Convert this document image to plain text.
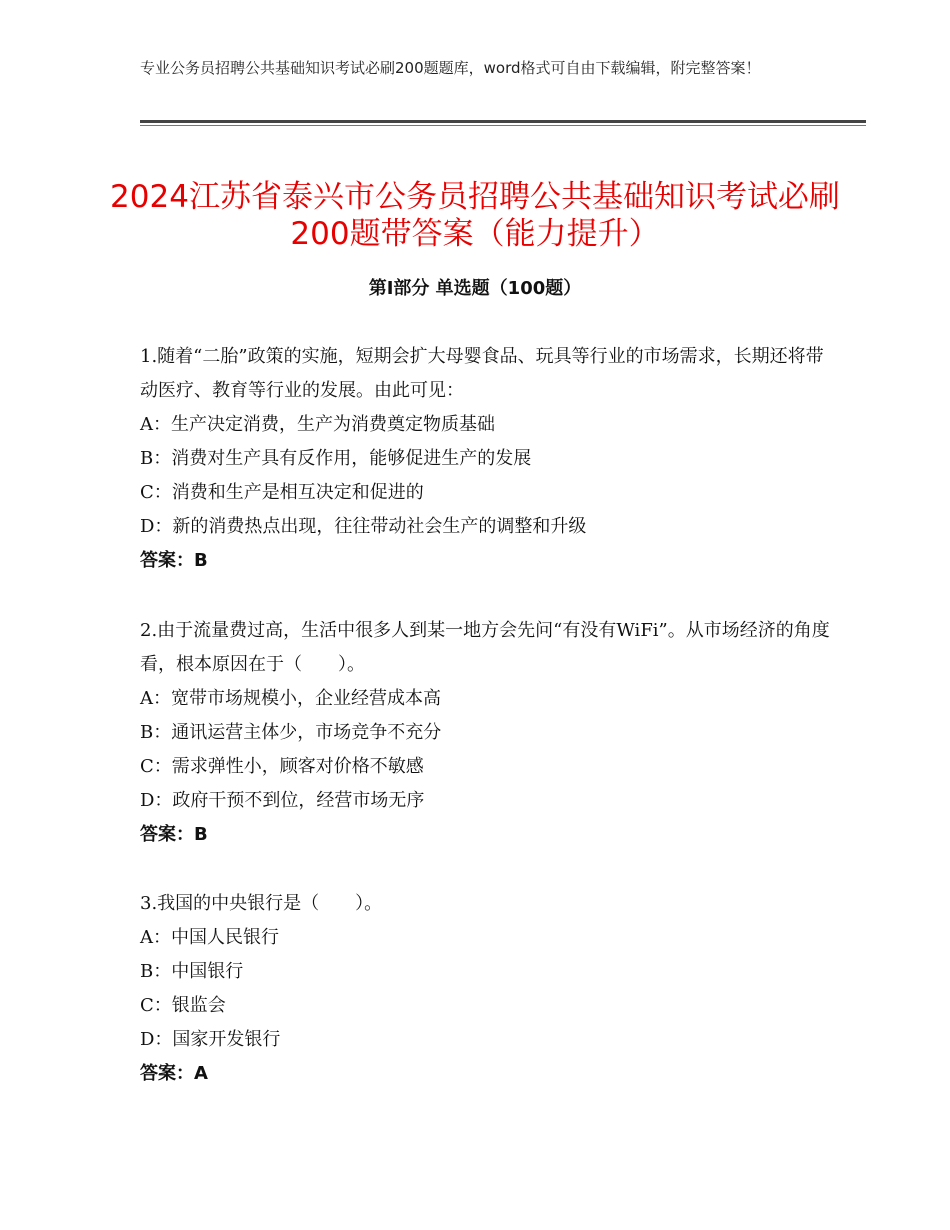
专业公务员招聘公共基础知识考试必刷200题题库，word格式可自由下载编辑，附完整答案！
2024江苏省泰兴市公务员招聘公共基础知识考试必刷200题带答案（能力提升）
第Ⅰ部分 单选题（100题）

1.随着“二胎”政策的实施，短期会扩大母婴食品、玩具等行业的市场需求，长期还将带动医疗、教育等行业的发展。由此可见：

A：生产决定消费，生产为消费奠定物质基础

B：消费对生产具有反作用，能够促进生产的发展

C：消费和生产是相互决定和促进的

D：新的消费热点出现，往往带动社会生产的调整和升级

答案：B

2.由于流量费过高，生活中很多人到某一地方会先问“有没有WiFi”。从市场经济的角度看，根本原因在于（　　）。

A：宽带市场规模小，企业经营成本高

B：通讯运营主体少，市场竞争不充分

C：需求弹性小，顾客对价格不敏感

D：政府干预不到位，经营市场无序

答案：B

3.我国的中央银行是（　　）。

A：中国人民银行

B：中国银行

C：银监会

D：国家开发银行

答案：A
